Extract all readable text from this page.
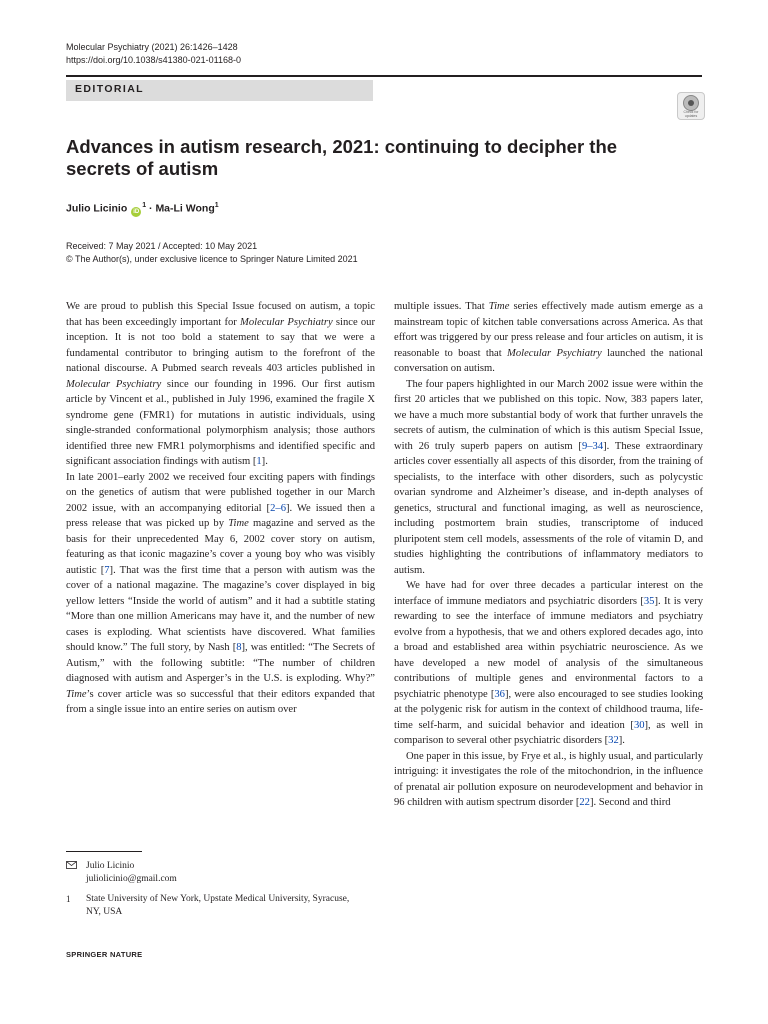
Molecular Psychiatry (2021) 26:1426–1428
https://doi.org/10.1038/s41380-021-01168-0
EDITORIAL
Check for updates
Advances in autism research, 2021: continuing to decipher the secrets of autism
Julio Licinio $iD^1 \cdot Ma-Li$ Wong$^1$
Received: 7 May 2021 / Accepted: 10 May 2021
© The Author(s), under exclusive licence to Springer Nature Limited 2021

We are proud to publish this Special Issue focused on autism, a topic that has been exceedingly important for Molecular Psychiatry since our inception. It is not too bold a statement to say that we were a fundamental contributor to bringing autism to the forefront of the national discourse. A Pubmed search reveals 403 articles published in Molecular Psychiatry since our founding in 1996. Our first autism article by Vincent et al., published in July 1996, examined the fragile X syndrome gene (FMR1) for mutations in autistic individuals, using single-stranded conformational polymorphism analysis; those authors identified three new FMR1 polymorphisms and identified specific and significant association findings with autism [1].

In late 2001–early 2002 we received four exciting papers with findings on the genetics of autism that were published together in our March 2002 issue, with an accompanying editorial [2–6]. We issued then a press release that was picked up by Time magazine and served as the basis for their unprecedented May 6, 2002 cover story on autism, featuring as that iconic magazine’s cover a young boy who was visibly autistic [7]. That was the first time that a person with autism was the cover of a national magazine. The magazine’s cover displayed in big yellow letters “Inside the world of autism” and it had a subtitle stating “More than one million Americans may have it, and the number of new cases is exploding. What scientists have discovered. What families should know.” The full story, by Nash [8], was entitled: “The Secrets of Autism,” with the following subtitle: “The number of children diagnosed with autism and Asperger’s in the U.S. is exploding. Why?” Time’s cover article was so successful that their editors expanded that from a single issue into an entire series on autism over

multiple issues. That Time series effectively made autism emerge as a mainstream topic of kitchen table conversations across America. As that effort was triggered by our press release and four articles on autism, it is reasonable to boast that Molecular Psychiatry launched the national conversation on autism.

The four papers highlighted in our March 2002 issue were within the first 20 articles that we published on this topic. Now, 383 papers later, we have a much more substantial body of work that further unravels the secrets of autism, the culmination of which is this autism Special Issue, with 26 truly superb papers on autism [9–34]. These extraordinary articles cover essentially all aspects of this disorder, from the training of specialists, to the interface with other disorders, such as polycystic ovarian syndrome and Alzheimer’s disease, and in-depth analyses of genetics, structural and functional imaging, as well as neuroscience, including postmortem brain studies, transcriptome of induced pluripotent stem cell models, assessments of the role of vitamin D, and studies highlighting the contributions of inflammatory mediators to autism.

We have had for over three decades a particular interest on the interface of immune mediators and psychiatric disorders [35]. It is very rewarding to see the interface of immune mediators and psychiatry evolve from a hypothesis, that we and others explored decades ago, into a broad and established area within psychiatric neuroscience. As we have developed a new model of analysis of the simultaneous contributions of multiple genes and environmental factors to a psychiatric phenotype [36], were also encouraged to see studies looking at the polygenic risk for autism in the context of childhood trauma, life-time self-harm, and suicidal behavior and ideation [30], as well in comparison to several other psychiatric disorders [32].

One paper in this issue, by Frye et al., is highly usual, and particularly intriguing: it investigates the role of the mitochondrion, in the influence of prenatal air pollution exposure on neurodevelopment and behavior in 96 children with autism spectrum disorder [22]. Second and third

Julio Licinio
juliolicinio@gmail.com
1	State University of New York, Upstate Medical University, Syracuse, NY, USA
SPRINGER NATURE
